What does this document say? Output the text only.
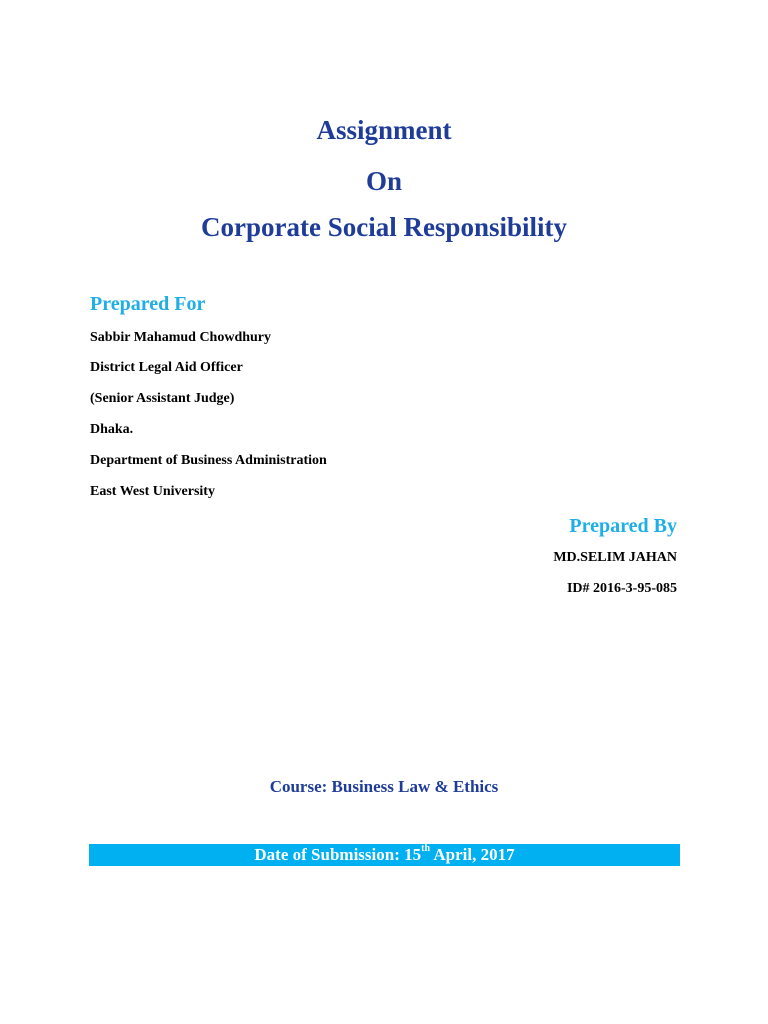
Assignment
On
Corporate Social Responsibility
Prepared For
Sabbir Mahamud Chowdhury
District Legal Aid Officer
(Senior Assistant Judge)
Dhaka.
Department of Business Administration
East West University
Prepared By
MD.SELIM JAHAN
ID# 2016-3-95-085
Course: Business Law & Ethics
Date of Submission: 15th April, 2017
